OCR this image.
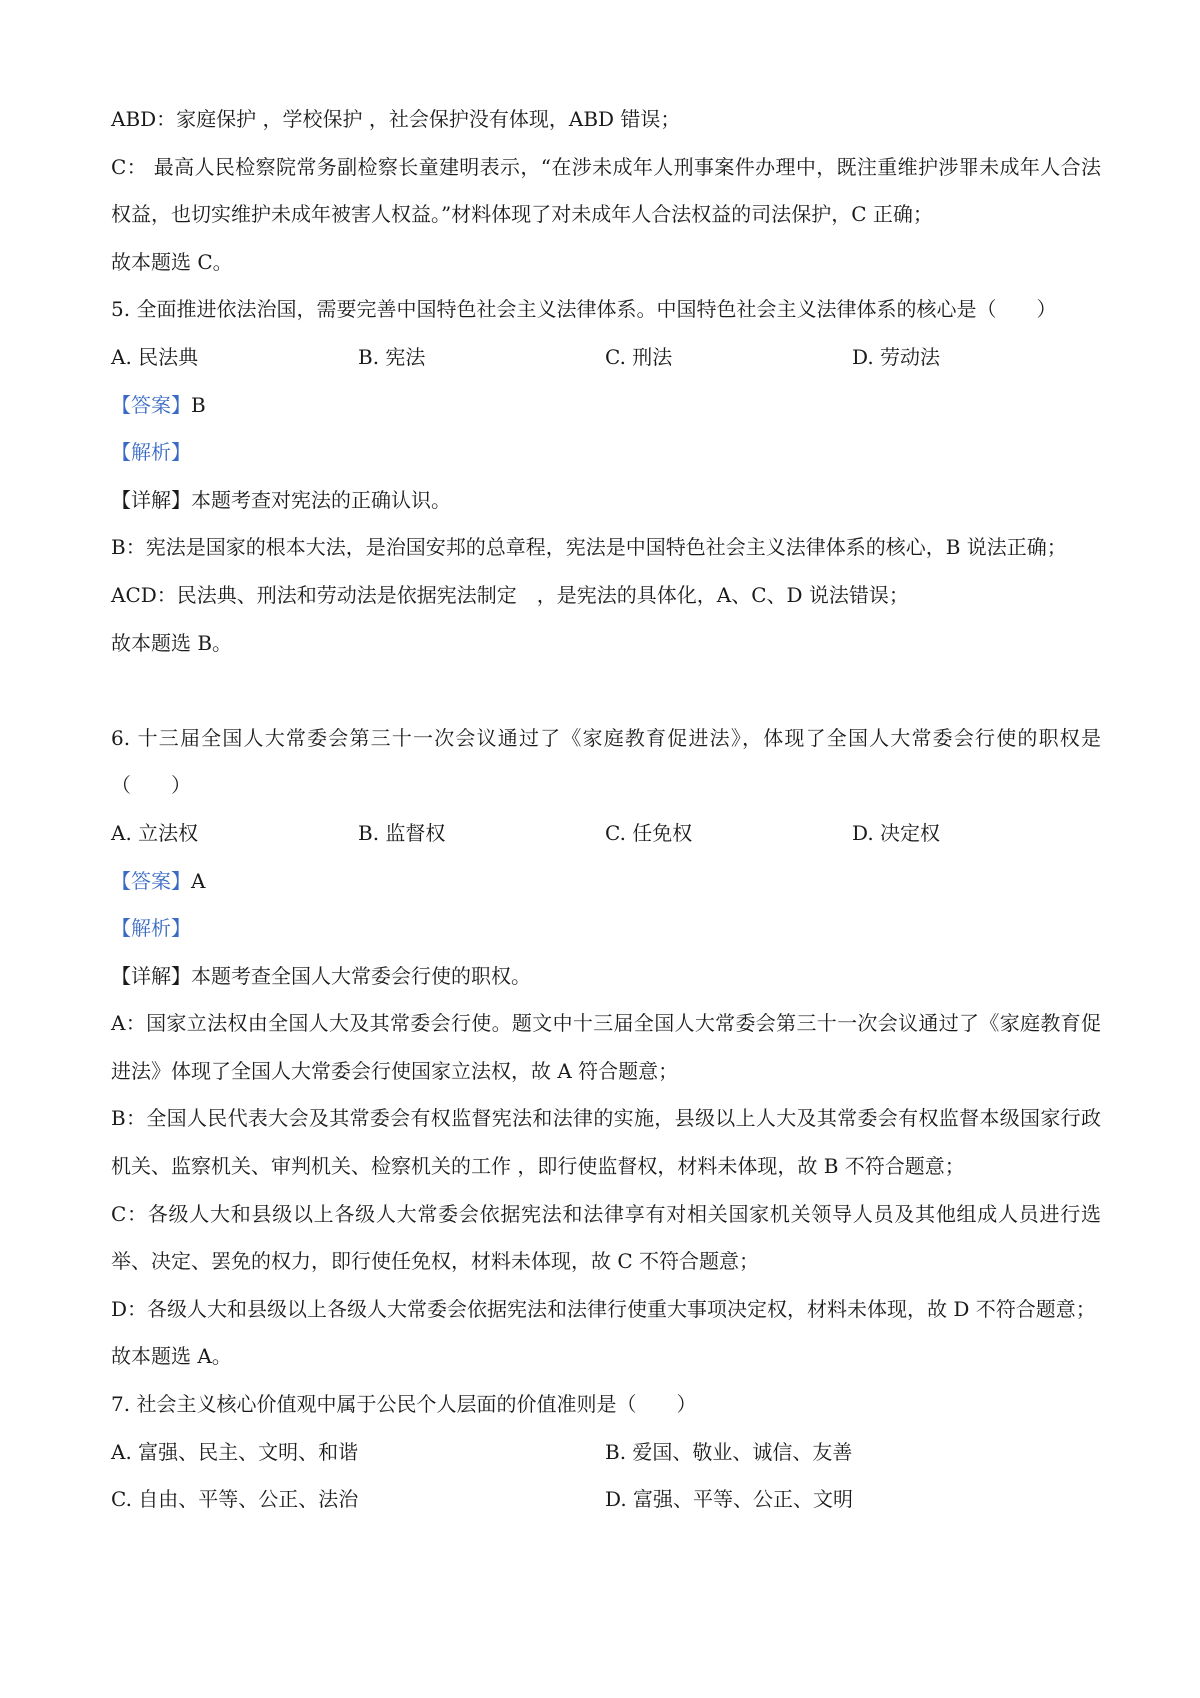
ABD：家庭保护 ，学校保护 ，社会保护没有体现，ABD 错误；
C： 最高人民检察院常务副检察长童建明表示，“在涉未成年人刑事案件办理中，既注重维护涉罪未成年人合法权益，也切实维护未成年被害人权益。”材料体现了对未成年人合法权益的司法保护，C 正确；
故本题选 C。
5. 全面推进依法治国，需要完善中国特色社会主义法律体系。中国特色社会主义法律体系的核心是（　　）
A. 民法典	B. 宪法	C. 刑法	D. 劳动法
【答案】B
【解析】
【详解】本题考查对宪法的正确认识。
B：宪法是国家的根本大法，是治国安邦的总章程，宪法是中国特色社会主义法律体系的核心，B 说法正确；
ACD：民法典、刑法和劳动法是依据宪法制定　，是宪法的具体化，A、C、D 说法错误；
故本题选 B。
6. 十三届全国人大常委会第三十一次会议通过了《家庭教育促进法》，体现了全国人大常委会行使的职权是（　　）
A. 立法权	B. 监督权	C. 任免权	D. 决定权
【答案】A
【解析】
【详解】本题考查全国人大常委会行使的职权。
A：国家立法权由全国人大及其常委会行使。题文中十三届全国人大常委会第三十一次会议通过了《家庭教育促进法》体现了全国人大常委会行使国家立法权，故 A 符合题意；
B：全国人民代表大会及其常委会有权监督宪法和法律的实施，县级以上人大及其常委会有权监督本级国家行政机关、监察机关、审判机关、检察机关的工作 ，即行使监督权，材料未体现，故 B 不符合题意；
C：各级人大和县级以上各级人大常委会依据宪法和法律享有对相关国家机关领导人员及其他组成人员进行选举、决定、罢免的权力，即行使任免权，材料未体现，故 C 不符合题意；
D：各级人大和县级以上各级人大常委会依据宪法和法律行使重大事项决定权，材料未体现，故 D 不符合题意；
故本题选 A。
7. 社会主义核心价值观中属于公民个人层面的价值准则是（　　）
A. 富强、民主、文明、和谐	B. 爱国、敬业、诚信、友善
C. 自由、平等、公正、法治	D. 富强、平等、公正、文明
